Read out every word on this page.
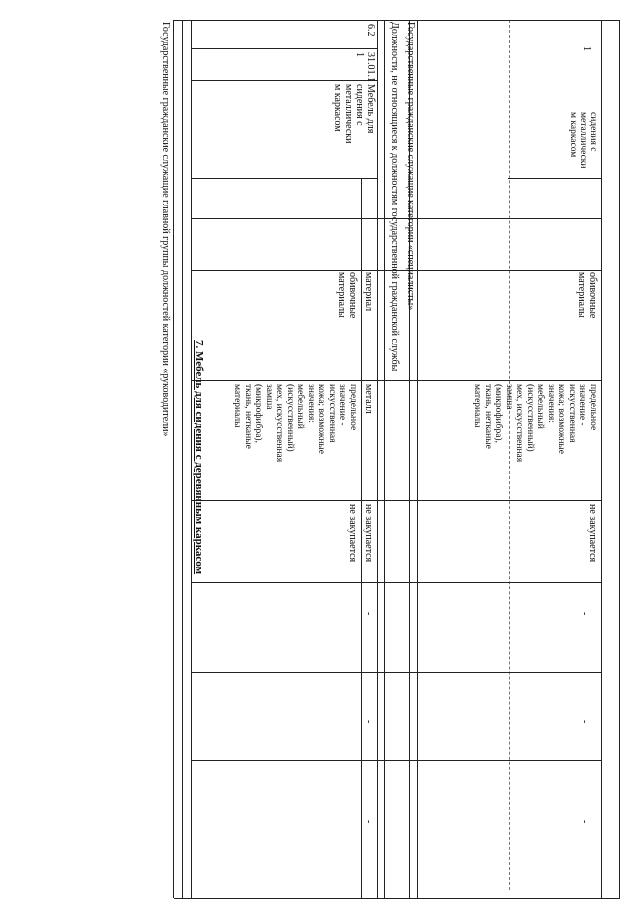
1
сидения с
металлически
м каркасом
обивочные
материалы
предельное
значение -
искусственная
кожа; возможные
значения:
мебельный
(искусственный)
мех, искусственная
замша
(микрофибра),
ткань, нетканые
материалы
не закупается
-
-
-
Государственные гражданские служащие категории «специалисты»
Должности, не относящиеся к должностям государственной гражданской службы
6.2
31.01.1
1
Мебель для
сидения с
металлически
м каркасом
материал
обивочные
материалы
металл
предельное
значение -
искусственная
кожа; возможные
значения:
мебельный
(искусственный)
мех, искусственная
замша
(микрофибра),
ткань, нетканые
материалы
не закупается
не закупается
-
-
-
7. Мебель для сидения с деревянным каркасом
Государственные гражданские служащие главной группы должностей категории «руководители»
